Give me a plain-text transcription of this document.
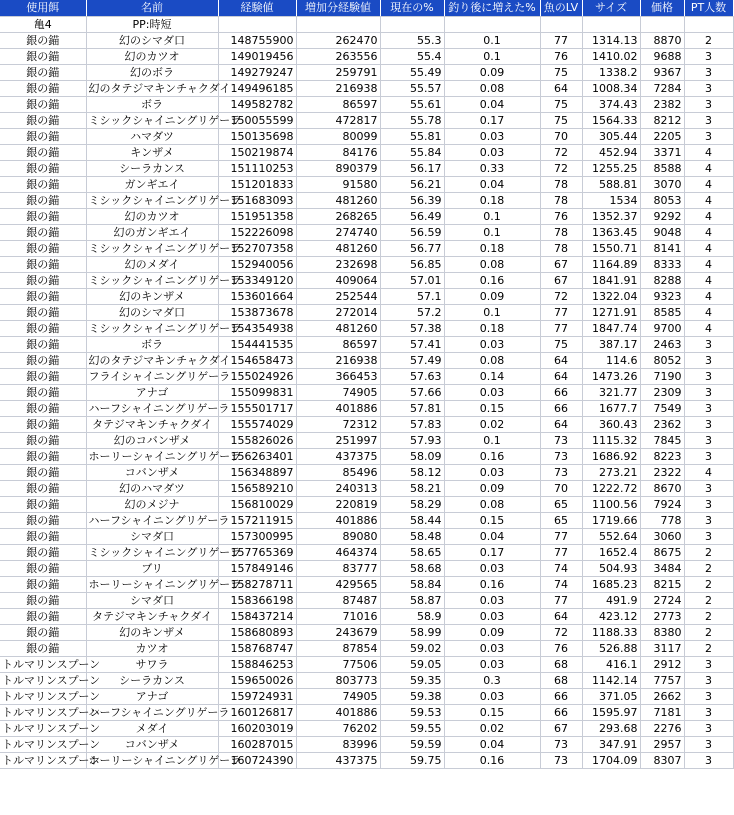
使用餌	名前	経験値	増加分経験値	現在の%	釣り後に増えた%	魚のLV	サイズ	価格	PT人数
亀4	PP:時短								
銀の錨	幻のシマダ口	148755900	262470	55.3	0.1	77	1314.13	8870	2
銀の錨	幻のカツオ	149019456	263556	55.4	0.1	76	1410.02	9688	3
銀の錨	幻のボラ	149279247	259791	55.49	0.09	75	1338.2	9367	3
銀の錨	幻のタテジマキンチャクダイ	149496185	216938	55.57	0.08	64	1008.34	7284	3
銀の錨	ボラ	149582782	86597	55.61	0.04	75	374.43	2382	3
銀の錨	ミシックシャイニングリゲーラ	150055599	472817	55.78	0.17	75	1564.33	8212	3
銀の錨	ハマダツ	150135698	80099	55.81	0.03	70	305.44	2205	3
銀の錨	キンザメ	150219874	84176	55.84	0.03	72	452.94	3371	4
銀の錨	シーラカンス	151110253	890379	56.17	0.33	72	1255.25	8588	4
銀の錨	ガンギエイ	151201833	91580	56.21	0.04	78	588.81	3070	4
銀の錨	ミシックシャイニングリゲーラ	151683093	481260	56.39	0.18	78	1534	8053	4
銀の錨	幻のカツオ	151951358	268265	56.49	0.1	76	1352.37	9292	4
銀の錨	幻のガンギエイ	152226098	274740	56.59	0.1	78	1363.45	9048	4
銀の錨	ミシックシャイニングリゲーラ	152707358	481260	56.77	0.18	78	1550.71	8141	4
銀の錨	幻のメダイ	152940056	232698	56.85	0.08	67	1164.89	8333	4
銀の錨	ミシックシャイニングリゲーラ	153349120	409064	57.01	0.16	67	1841.91	8288	4
銀の錨	幻のキンザメ	153601664	252544	57.1	0.09	72	1322.04	9323	4
銀の錨	幻のシマダ口	153873678	272014	57.2	0.1	77	1271.91	8585	4
銀の錨	ミシックシャイニングリゲーラ	154354938	481260	57.38	0.18	77	1847.74	9700	4
銀の錨	ボラ	154441535	86597	57.41	0.03	75	387.17	2463	3
銀の錨	幻のタテジマキンチャクダイ	154658473	216938	57.49	0.08	64	114.6	8052	3
銀の錨	フライシャイニングリゲーラ	155024926	366453	57.63	0.14	64	1473.26	7190	3
銀の錨	アナゴ	155099831	74905	57.66	0.03	66	321.77	2309	3
銀の錨	ハーフシャイニングリゲーラ	155501717	401886	57.81	0.15	66	1677.7	7549	3
銀の錨	タテジマキンチャクダイ	155574029	72312	57.83	0.02	64	360.43	2362	3
銀の錨	幻のコバンザメ	155826026	251997	57.93	0.1	73	1115.32	7845	3
銀の錨	ホーリーシャイニングリゲーラ	156263401	437375	58.09	0.16	73	1686.92	8223	3
銀の錨	コバンザメ	156348897	85496	58.12	0.03	73	273.21	2322	4
銀の錨	幻のハマダツ	156589210	240313	58.21	0.09	70	1222.72	8670	3
銀の錨	幻のメジナ	156810029	220819	58.29	0.08	65	1100.56	7924	3
銀の錨	ハーフシャイニングリゲーラ	157211915	401886	58.44	0.15	65	1719.66	778	3
銀の錨	シマダ口	157300995	89080	58.48	0.04	77	552.64	3060	3
銀の錨	ミシックシャイニングリゲーラ	157765369	464374	58.65	0.17	77	1652.4	8675	2
銀の錨	ブリ	157849146	83777	58.68	0.03	74	504.93	3484	2
銀の錨	ホーリーシャイニングリゲーラ	158278711	429565	58.84	0.16	74	1685.23	8215	2
銀の錨	シマダ口	158366198	87487	58.87	0.03	77	491.9	2724	2
銀の錨	タテジマキンチャクダイ	158437214	71016	58.9	0.03	64	423.12	2773	2
銀の錨	幻のキンザメ	158680893	243679	58.99	0.09	72	1188.33	8380	2
銀の錨	カツオ	158768747	87854	59.02	0.03	76	526.88	3117	2
トルマリンスプーン	サワラ	158846253	77506	59.05	0.03	68	416.1	2912	3
トルマリンスプーン	シーラカンス	159650026	803773	59.35	0.3	68	1142.14	7757	3
トルマリンスプーン	アナゴ	159724931	74905	59.38	0.03	66	371.05	2662	3
トルマリンスプーン	ハーフシャイニングリゲーラ	160126817	401886	59.53	0.15	66	1595.97	7181	3
トルマリンスプーン	メダイ	160203019	76202	59.55	0.02	67	293.68	2276	3
トルマリンスプーン	コバンザメ	160287015	83996	59.59	0.04	73	347.91	2957	3
トルマリンスプーン	ホーリーシャイニングリゲーラ	160724390	437375	59.75	0.16	73	1704.09	8307	3
